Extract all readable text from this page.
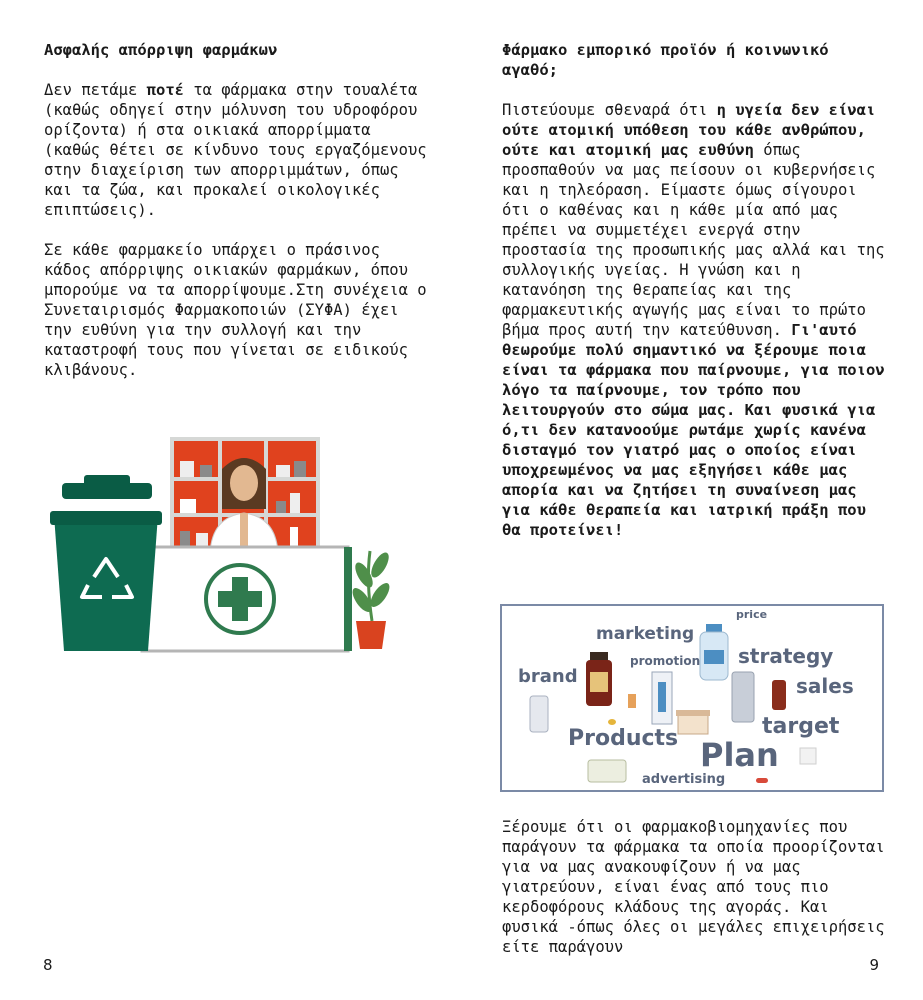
Ασφαλής απόρριψη φαρμάκων
Δεν πετάμε ποτέ τα φάρμακα στην τουαλέτα (καθώς οδηγεί στην μόλυνση του υδροφόρου ορίζοντα) ή στα οικιακά απορρίμματα (καθώς θέτει σε κίνδυνο τους εργαζόμενους στην διαχείριση των απορριμμάτων, όπως και τα ζώα, και προκαλεί οικολογικές επιπτώσεις).
Σε κάθε φαρμακείο υπάρχει ο πράσινος κάδος απόρριψης οικιακών φαρμάκων, όπου μπορούμε να τα απορρίψουμε.Στη συνέχεια ο Συνεταιρισμός Φαρμακοποιών (ΣΥΦΑ) έχει την ευθύνη για την συλλογή και την καταστροφή τους που γίνεται σε ειδικούς κλιβάνους.
8
Φάρμακο εμπορικό προϊόν ή κοινωνικό αγαθό;
Πιστεύουμε σθεναρά ότι η υγεία δεν είναι ούτε ατομική υπόθεση του κάθε ανθρώπου, ούτε και ατομική μας ευθύνη όπως προσπαθούν να μας πείσουν οι κυβερνήσεις και η τηλεόραση. Είμαστε όμως σίγουροι ότι ο καθένας και η κάθε μία από μας πρέπει να συμμετέχει ενεργά στην προστασία της προσωπικής μας αλλά και της συλλογικής υγείας. Η γνώση και η κατανόηση της θεραπείας και της φαρμακευτικής αγωγής μας είναι το πρώτο βήμα προς αυτή την κατεύθυνση. Γι'αυτό θεωρούμε πολύ σημαντικό να ξέρουμε ποια είναι τα φάρμακα που παίρνουμε, για ποιον λόγο τα παίρνουμε, τον τρόπο που λειτουργούν στο σώμα μας. Και φυσικά για ό,τι δεν κατανοούμε ρωτάμε χωρίς κανένα δισταγμό τον γιατρό μας ο οποίος είναι υποχρεωμένος να μας εξηγήσει κάθε μας απορία και να ζητήσει τη συναίνεση μας για κάθε θεραπεία και ιατρική πράξη που θα προτείνει!
price
marketing
promotion strategy
brand	sales
target
Products Plan
advertising
Ξέρουμε ότι οι φαρμακοβιομηχανίες που παράγουν τα φάρμακα τα οποία προορίζονται για να μας ανακουφίζουν ή να μας γιατρεύουν, είναι ένας από τους πιο κερδοφόρους κλάδους της αγοράς. Και φυσικά -όπως όλες οι μεγάλες επιχειρήσεις είτε παράγουν
9
